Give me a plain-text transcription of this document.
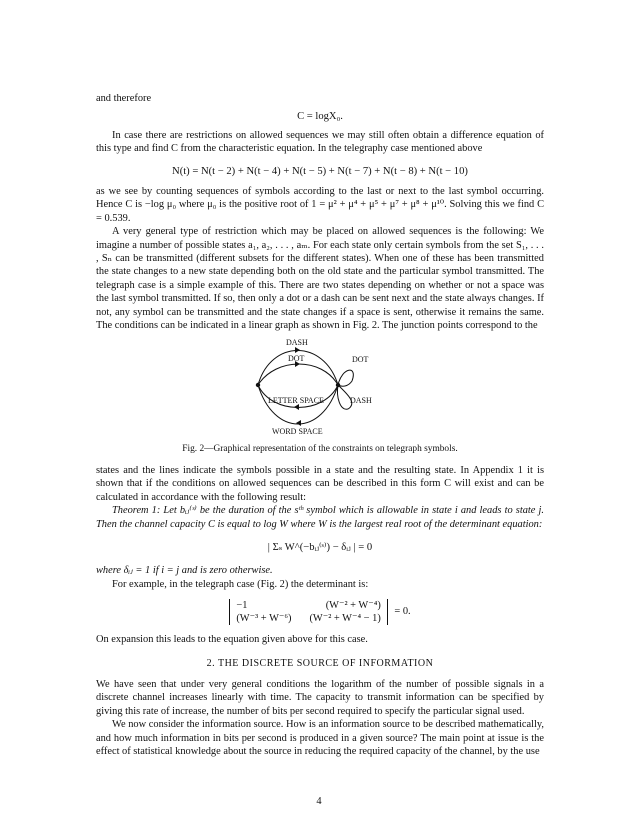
and therefore

C = logX₀.

In case there are restrictions on allowed sequences we may still often obtain a difference equation of this type and find C from the characteristic equation. In the telegraphy case mentioned above

N(t) = N(t − 2) + N(t − 4) + N(t − 5) + N(t − 7) + N(t − 8) + N(t − 10)

as we see by counting sequences of symbols according to the last or next to the last symbol occurring. Hence C is −log μ₀ where μ₀ is the positive root of 1 = μ² + μ⁴ + μ⁵ + μ⁷ + μ⁸ + μ¹⁰. Solving this we find C = 0.539.

A very general type of restriction which may be placed on allowed sequences is the following: We imagine a number of possible states a₁, a₂, . . . , aₘ. For each state only certain symbols from the set S₁, . . . , Sₙ can be transmitted (different subsets for the different states). When one of these has been transmitted the state changes to a new state depending both on the old state and the particular symbol transmitted. The telegraph case is a simple example of this. There are two states depending on whether or not a space was the last symbol transmitted. If so, then only a dot or a dash can be sent next and the state always changes. If not, any symbol can be transmitted and the state changes if a space is sent, otherwise it remains the same. The conditions can be indicated in a linear graph as shown in Fig. 2. The junction points correspond to the

DASH
DOT	DOT
LETTER SPACE	DASH
WORD SPACE
Fig. 2—Graphical representation of the constraints on telegraph symbols.

states and the lines indicate the symbols possible in a state and the resulting state. In Appendix 1 it is shown that if the conditions on allowed sequences can be described in this form C will exist and can be calculated in accordance with the following result:

Theorem 1: Let bᵢⱼ⁽ˢ⁾ be the duration of the sᵗʰ symbol which is allowable in state i and leads to state j. Then the channel capacity C is equal to log W where W is the largest real root of the determinant equation:

| Σₛ W^(−bᵢⱼ⁽ˢ⁾) − δᵢⱼ | = 0

where δᵢⱼ = 1 if i = j and is zero otherwise.

For example, in the telegraph case (Fig. 2) the determinant is:

−1	(W⁻² + W⁻⁴)
(W⁻³ + W⁻⁶) (W⁻² + W⁻⁴ − 1)
= 0.

On expansion this leads to the equation given above for this case.

2. THE DISCRETE SOURCE OF INFORMATION

We have seen that under very general conditions the logarithm of the number of possible signals in a discrete channel increases linearly with time. The capacity to transmit information can be specified by giving this rate of increase, the number of bits per second required to specify the particular signal used.

We now consider the information source. How is an information source to be described mathematically, and how much information in bits per second is produced in a given source? The main point at issue is the effect of statistical knowledge about the source in reducing the required capacity of the channel, by the use

4
